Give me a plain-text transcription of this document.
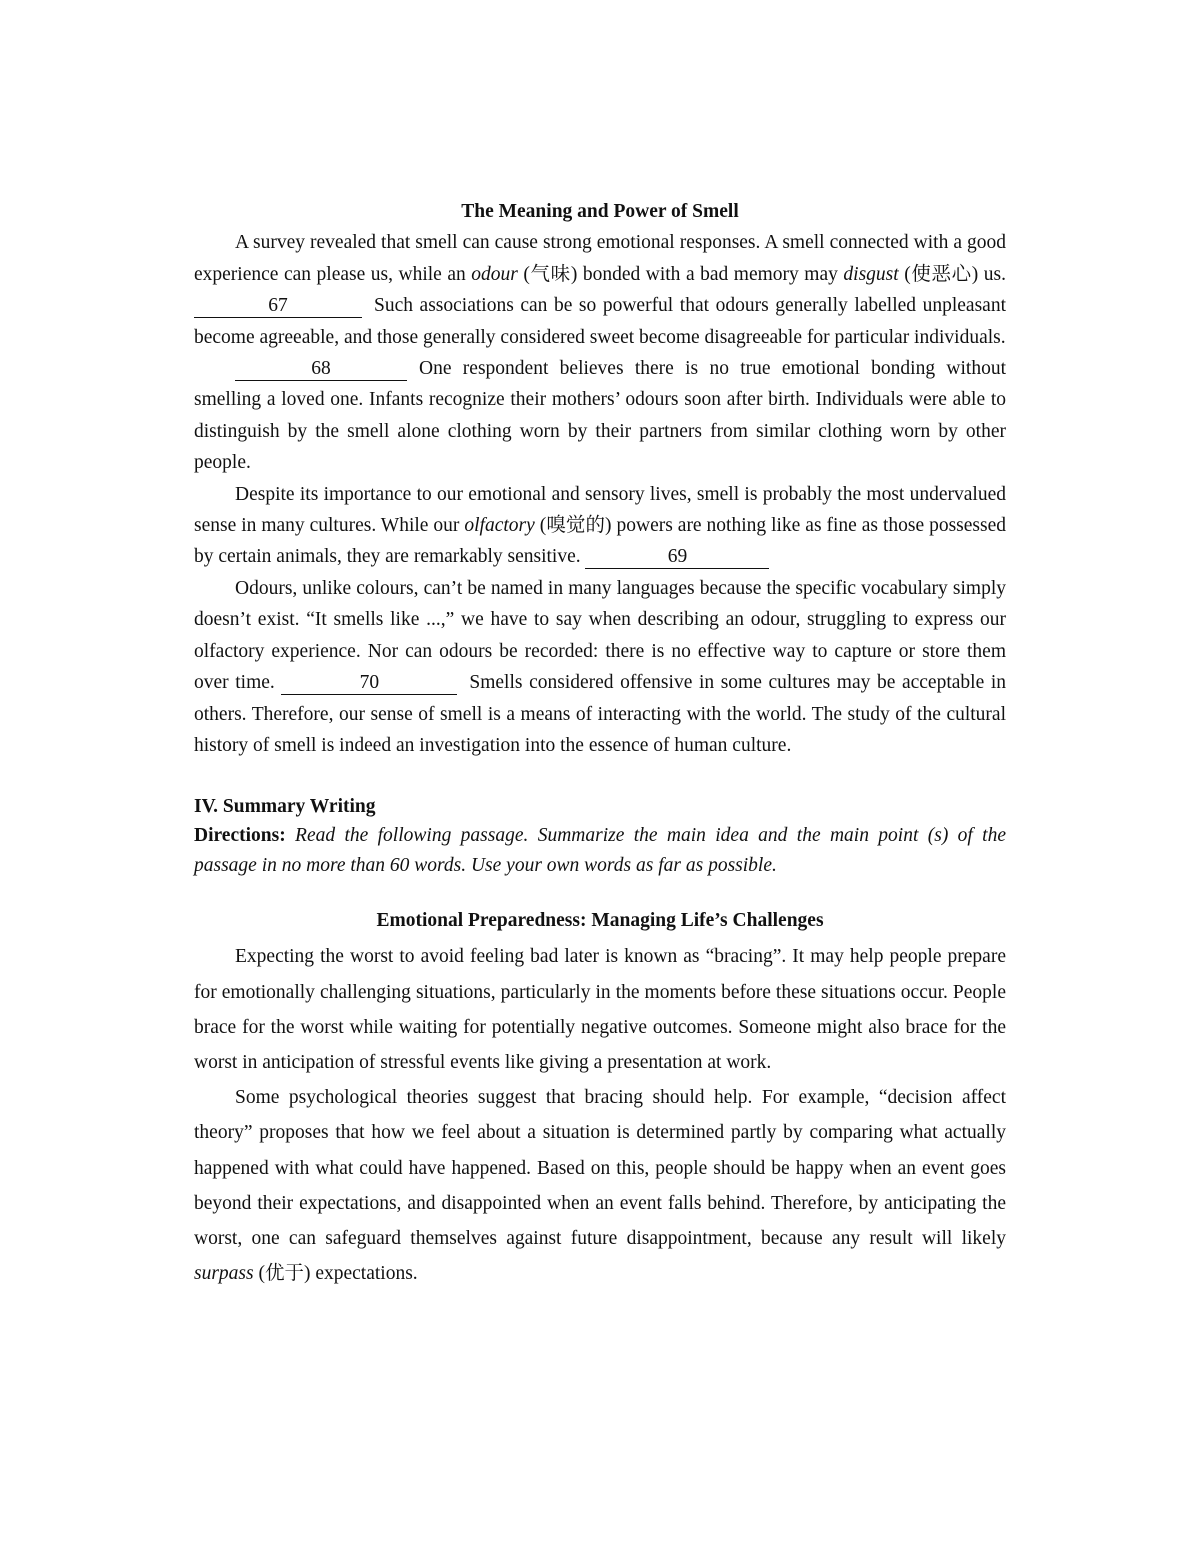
The Meaning and Power of Smell

A survey revealed that smell can cause strong emotional responses. A smell connected with a good experience can please us, while an odour (气味) bonded with a bad memory may disgust (使恶心) us. 67	Such associations can be so powerful that odours generally labelled unpleasant become agreeable, and those generally considered sweet become disagreeable for particular individuals.

68	One respondent believes there is no true emotional bonding without smelling a loved one. Infants recognize their mothers’ odours soon after birth. Individuals were able to distinguish by the smell alone clothing worn by their partners from similar clothing worn by other people.

Despite its importance to our emotional and sensory lives, smell is probably the most undervalued sense in many cultures. While our olfactory (嗅觉的) powers are nothing like as fine as those possessed by certain animals, they are remarkably sensitive.	69

Odours, unlike colours, can’t be named in many languages because the specific vocabulary simply doesn’t exist. “It smells like ...,” we have to say when describing an odour, struggling to express our olfactory experience. Nor can odours be recorded: there is no effective way to capture or store them over time.	70	Smells considered offensive in some cultures may be acceptable in others. Therefore, our sense of smell is a means of interacting with the world. The study of the cultural history of smell is indeed an investigation into the essence of human culture.

IV. Summary Writing
Directions: Read the following passage. Summarize the main idea and the main point (s) of the passage in no more than 60 words. Use your own words as far as possible.
Emotional Preparedness: Managing Life’s Challenges

Expecting the worst to avoid feeling bad later is known as “bracing”. It may help people prepare for emotionally challenging situations, particularly in the moments before these situations occur. People brace for the worst while waiting for potentially negative outcomes. Someone might also brace for the worst in anticipation of stressful events like giving a presentation at work.

Some psychological theories suggest that bracing should help. For example, “decision affect theory” proposes that how we feel about a situation is determined partly by comparing what actually happened with what could have happened. Based on this, people should be happy when an event goes beyond their expectations, and disappointed when an event falls behind. Therefore, by anticipating the worst, one can safeguard themselves against future disappointment, because any result will likely surpass (优于) expectations.
